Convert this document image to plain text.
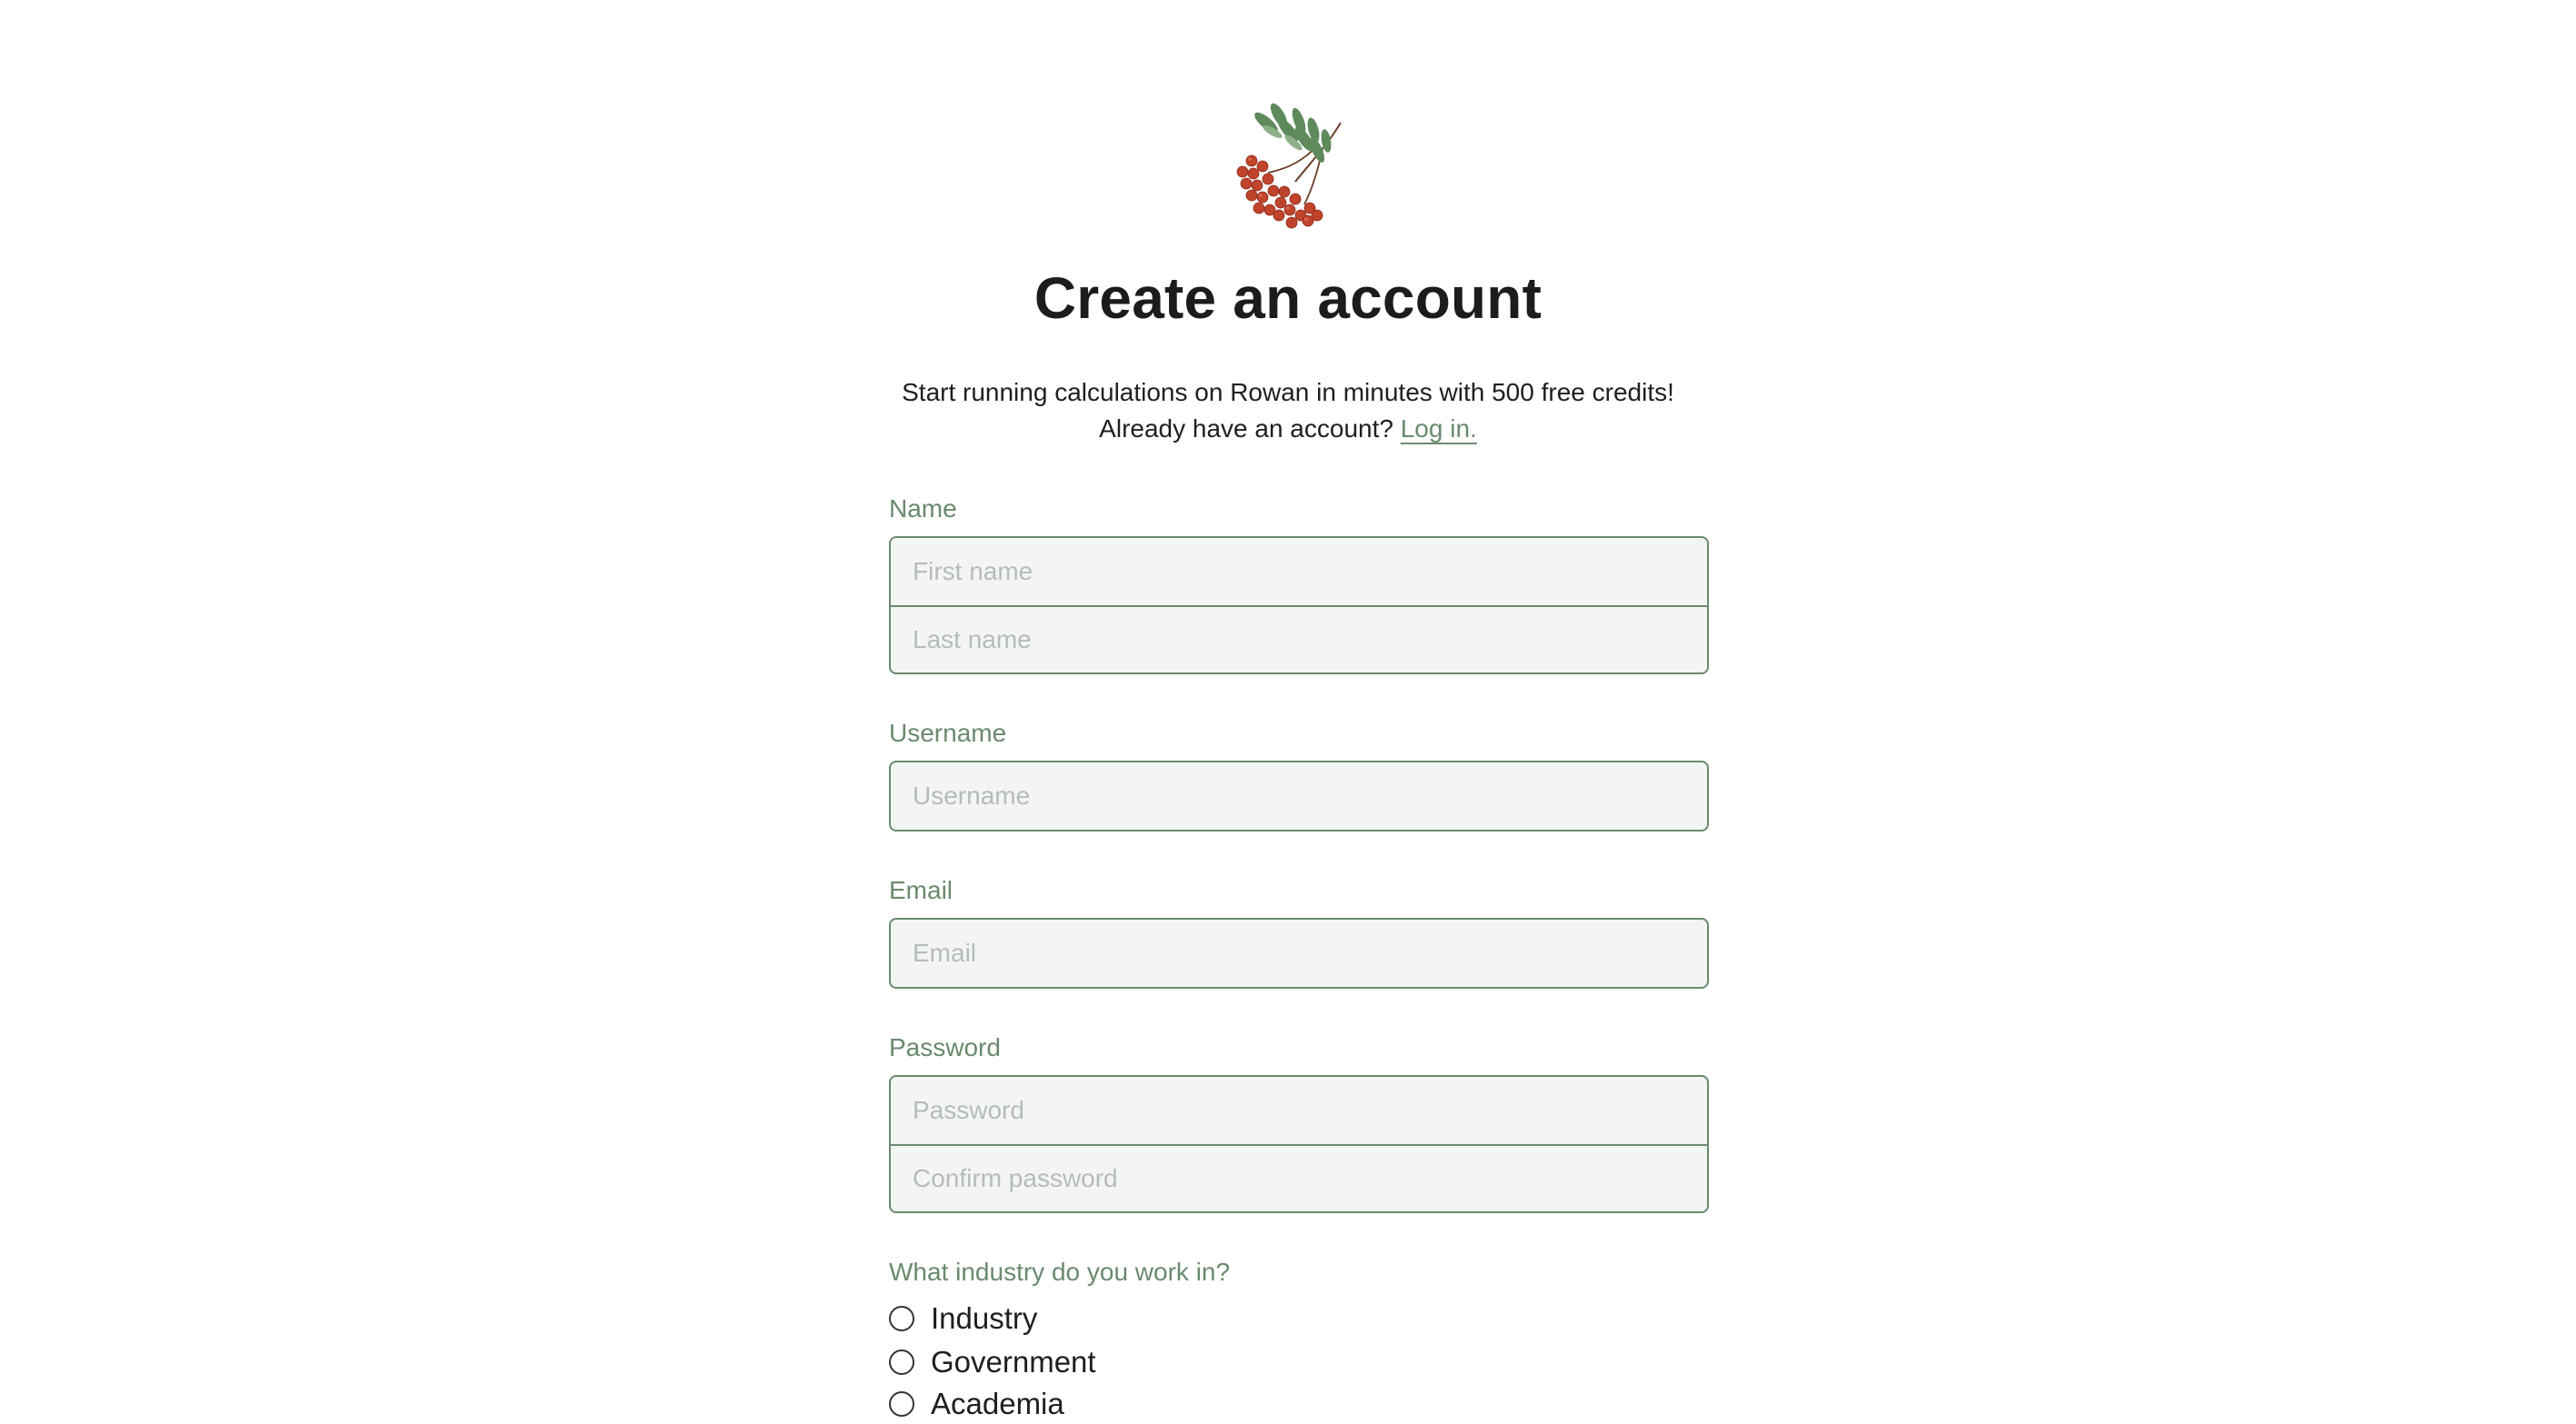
Create an account
Start running calculations on Rowan in minutes with 500 free credits!
Already have an account? Log in.
Name
First name
Last name
Username
Username
Email
Email
Password
What industry do you work in?
Industry
Government
Academia
